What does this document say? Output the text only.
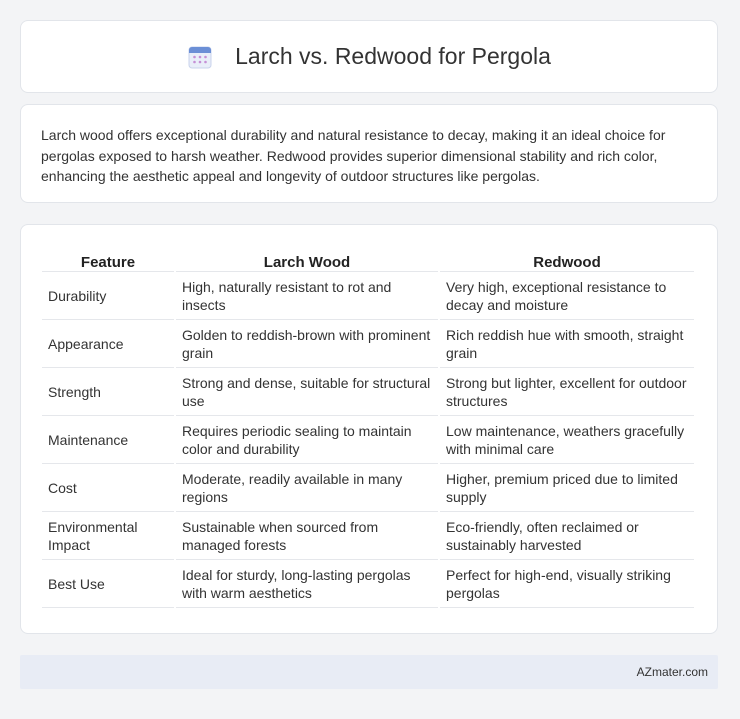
Larch vs. Redwood for Pergola

Larch wood offers exceptional durability and natural resistance to decay, making it an ideal choice for pergolas exposed to harsh weather. Redwood provides superior dimensional stability and rich color, enhancing the aesthetic appeal and longevity of outdoor structures like pergolas.

Feature	Larch Wood	Redwood
Durability	High, naturally resistant to rot and insects	Very high, exceptional resistance to decay and moisture
Appearance	Golden to reddish-brown with prominent grain	Rich reddish hue with smooth, straight grain
Strength	Strong and dense, suitable for structural use	Strong but lighter, excellent for outdoor structures
Maintenance	Requires periodic sealing to maintain color and durability	Low maintenance, weathers gracefully with minimal care
Cost	Moderate, readily available in many regions	Higher, premium priced due to limited supply
Environmental Impact	Sustainable when sourced from managed forests	Eco-friendly, often reclaimed or sustainably harvested
Best Use	Ideal for sturdy, long-lasting pergolas with warm aesthetics	Perfect for high-end, visually striking pergolas
AZmater.com
